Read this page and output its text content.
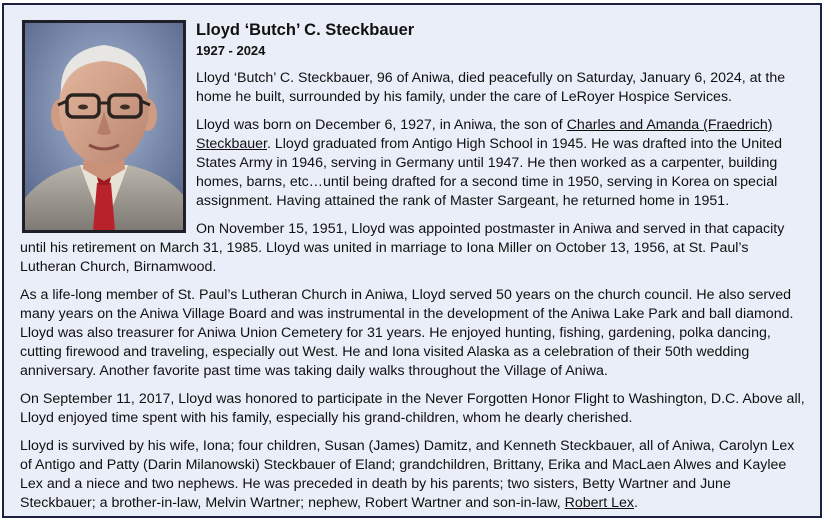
Lloyd ‘Butch’ C. Steckbauer
1927 - 2024

Lloyd ‘Butch’ C. Steckbauer, 96 of Aniwa, died peacefully on Saturday, January 6, 2024, at the home he built, surrounded by his family, under the care of LeRoyer Hospice Services.

Lloyd was born on December 6, 1927, in Aniwa, the son of Charles and Amanda (Fraedrich) Steckbauer. Lloyd graduated from Antigo High School in 1945. He was drafted into the United States Army in 1946, serving in Germany until 1947. He then worked as a carpenter, building homes, barns, etc…until being drafted for a second time in 1950, serving in Korea on special assignment. Having attained the rank of Master Sargeant, he returned home in 1951.

On November 15, 1951, Lloyd was appointed postmaster in Aniwa and served in that capacity until his retirement on March 31, 1985. Lloyd was united in marriage to Iona Miller on October 13, 1956, at St. Paul’s Lutheran Church, Birnamwood.

As a life-long member of St. Paul’s Lutheran Church in Aniwa, Lloyd served 50 years on the church council. He also served many years on the Aniwa Village Board and was instrumental in the development of the Aniwa Lake Park and ball diamond. Lloyd was also treasurer for Aniwa Union Cemetery for 31 years. He enjoyed hunting, fishing, gardening, polka dancing, cutting firewood and traveling, especially out West. He and Iona visited Alaska as a celebration of their 50th wedding anniversary. Another favorite past time was taking daily walks throughout the Village of Aniwa.

On September 11, 2017, Lloyd was honored to participate in the Never Forgotten Honor Flight to Washington, D.C. Above all, Lloyd enjoyed time spent with his family, especially his grand-children, whom he dearly cherished.

Lloyd is survived by his wife, Iona; four children, Susan (James) Damitz, and Kenneth Steckbauer, all of Aniwa, Carolyn Lex of Antigo and Patty (Darin Milanowski) Steckbauer of Eland; grandchildren, Brittany, Erika and MacLaen Alwes and Kaylee Lex and a niece and two nephews. He was preceded in death by his parents; two sisters, Betty Wartner and June Steckbauer; a brother-in-law, Melvin Wartner; nephew, Robert Wartner and son-in-law, Robert Lex.
